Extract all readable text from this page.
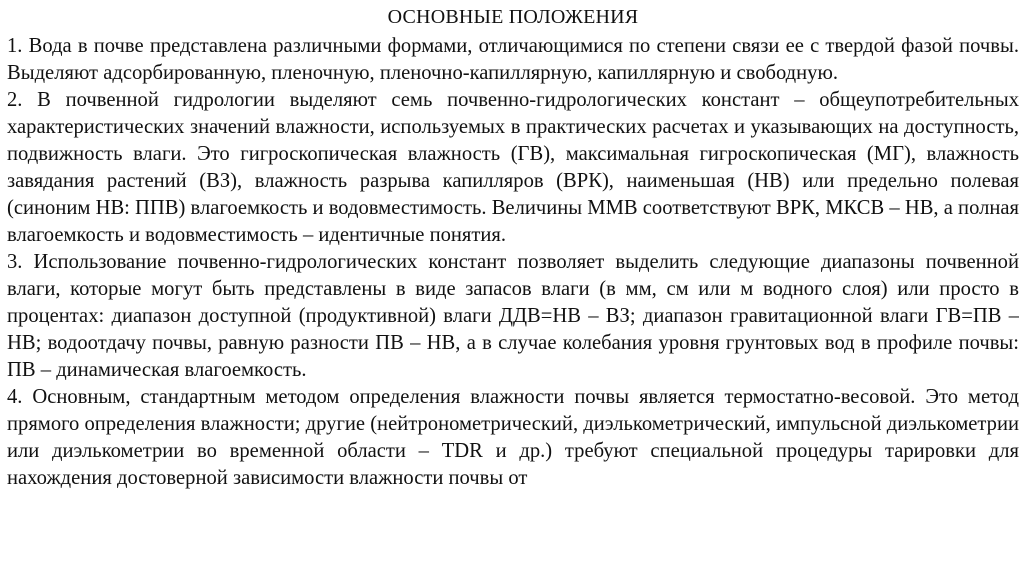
ОСНОВНЫЕ ПОЛОЖЕНИЯ

1. Вода в почве представлена различными формами, отличающимися по степени связи ее с твердой фазой почвы. Выделяют адсорбированную, пленочную, пленочно-капиллярную, капиллярную и свободную.

2. В почвенной гидрологии выделяют семь почвенно-гидрологических констант – общеупотребительных характеристических значений влажности, используемых в практических расчетах и указывающих на доступность, подвижность влаги. Это гигроскопическая влажность (ГВ), максимальная гигроскопическая (МГ), влажность завядания растений (ВЗ), влажность разрыва капилляров (ВРК), наименьшая (НВ) или предельно полевая (синоним НВ: ППВ) влагоемкость и водовместимость. Величины ММВ соответствуют ВРК, МКСВ – НВ, а полная влагоемкость и водовместимость – идентичные понятия.

3. Использование почвенно-гидрологических констант позволяет выделить следующие диапазоны почвенной влаги, которые могут быть представлены в виде запасов влаги (в мм, см или м водного слоя) или просто в процентах: диапазон доступной (продуктивной) влаги ДДВ=НВ – ВЗ; диапазон гравитационной влаги ГВ=ПВ – НВ; водоотдачу почвы, равную разности ПВ – НВ, а в случае колебания уровня грунтовых вод в профиле почвы: ПВ – динамическая влагоемкость.

4. Основным, стандартным методом определения влажности почвы является термостатно-весовой. Это метод прямого определения влажности; другие (нейтронометрический, диэлькометрический, импульсной диэлькометрии или диэлькометрии во временной области – TDR и др.) требуют специальной процедуры тарировки для нахождения достоверной зависимости влажности почвы от
